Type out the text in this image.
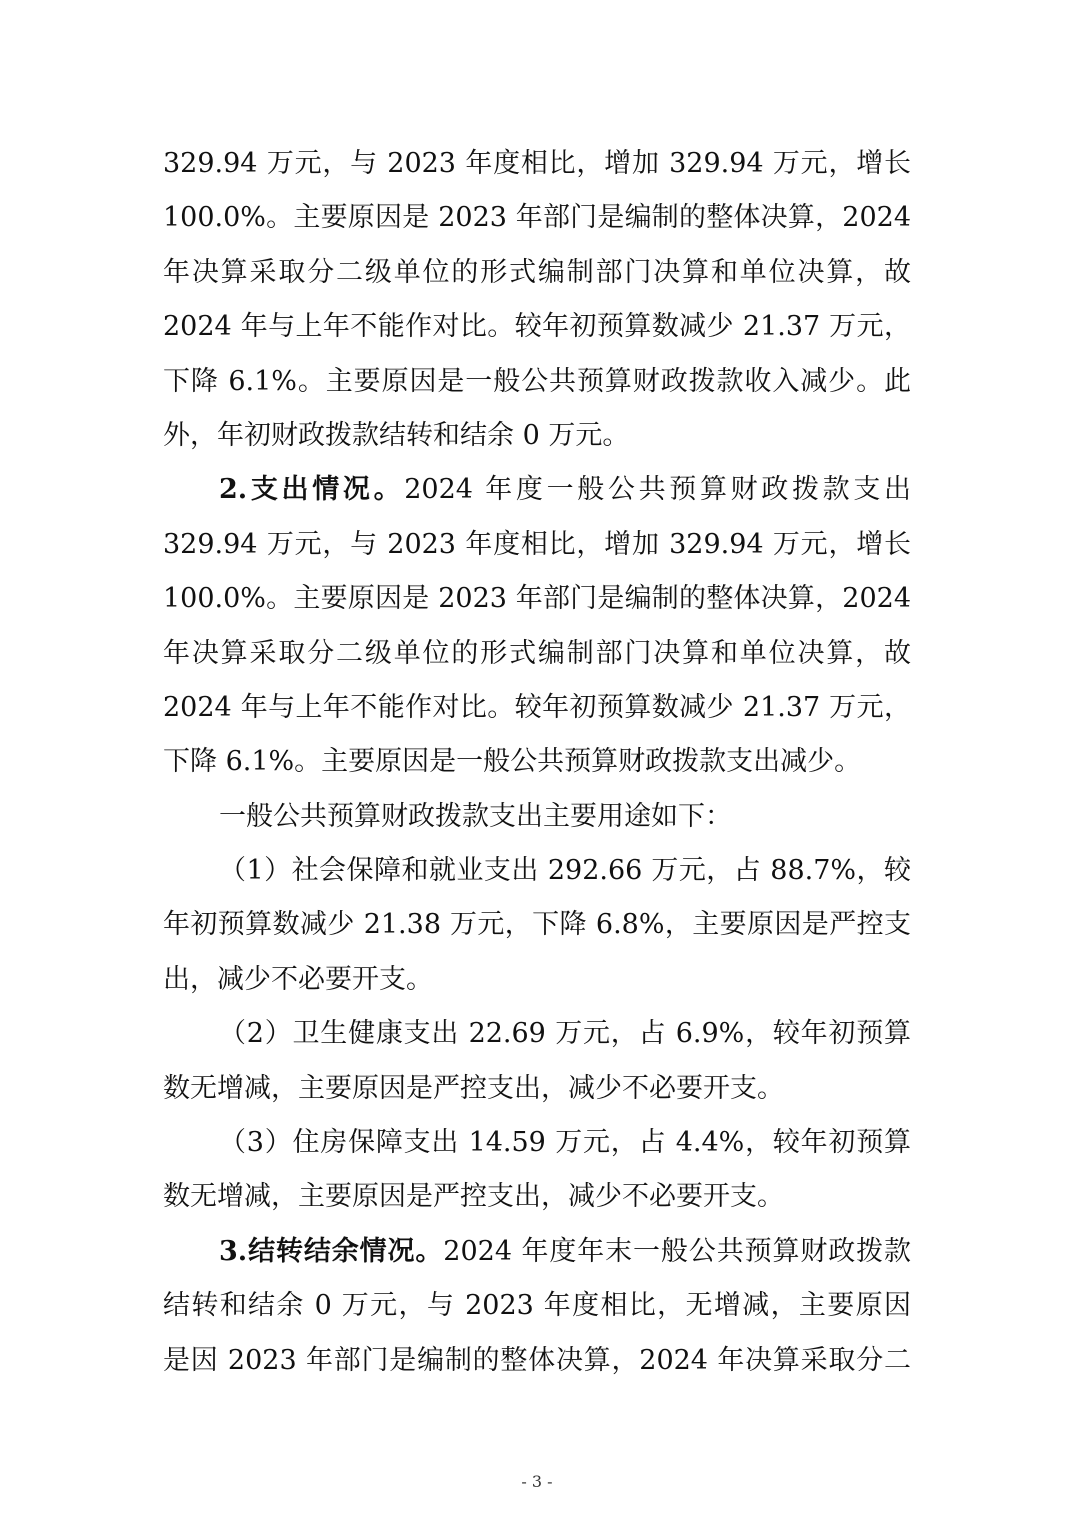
329.94 万元，与 2023 年度相比，增加 329.94 万元，增长
100.0%。主要原因是 2023 年部门是编制的整体决算，2024
年决算采取分二级单位的形式编制部门决算和单位决算，故
2024 年与上年不能作对比。较年初预算数减少 21.37 万元，
下降 6.1%。主要原因是一般公共预算财政拨款收入减少。此
外，年初财政拨款结转和结余 0 万元。
2.支出情况。2024 年度一般公共预算财政拨款支出
329.94 万元，与 2023 年度相比，增加 329.94 万元，增长
100.0%。主要原因是 2023 年部门是编制的整体决算，2024
年决算采取分二级单位的形式编制部门决算和单位决算，故
2024 年与上年不能作对比。较年初预算数减少 21.37 万元，
下降 6.1%。主要原因是一般公共预算财政拨款支出减少。
一般公共预算财政拨款支出主要用途如下：
（1）社会保障和就业支出 292.66 万元，占 88.7%，较
年初预算数减少 21.38 万元，下降 6.8%，主要原因是严控支
出，减少不必要开支。
（2）卫生健康支出 22.69 万元，占 6.9%，较年初预算
数无增减，主要原因是严控支出，减少不必要开支。
（3）住房保障支出 14.59 万元，占 4.4%，较年初预算
数无增减，主要原因是严控支出，减少不必要开支。
3.结转结余情况。2024 年度年末一般公共预算财政拨款
结转和结余 0 万元，与 2023 年度相比，无增减，主要原因
是因 2023 年部门是编制的整体决算，2024 年决算采取分二
- 3 -
